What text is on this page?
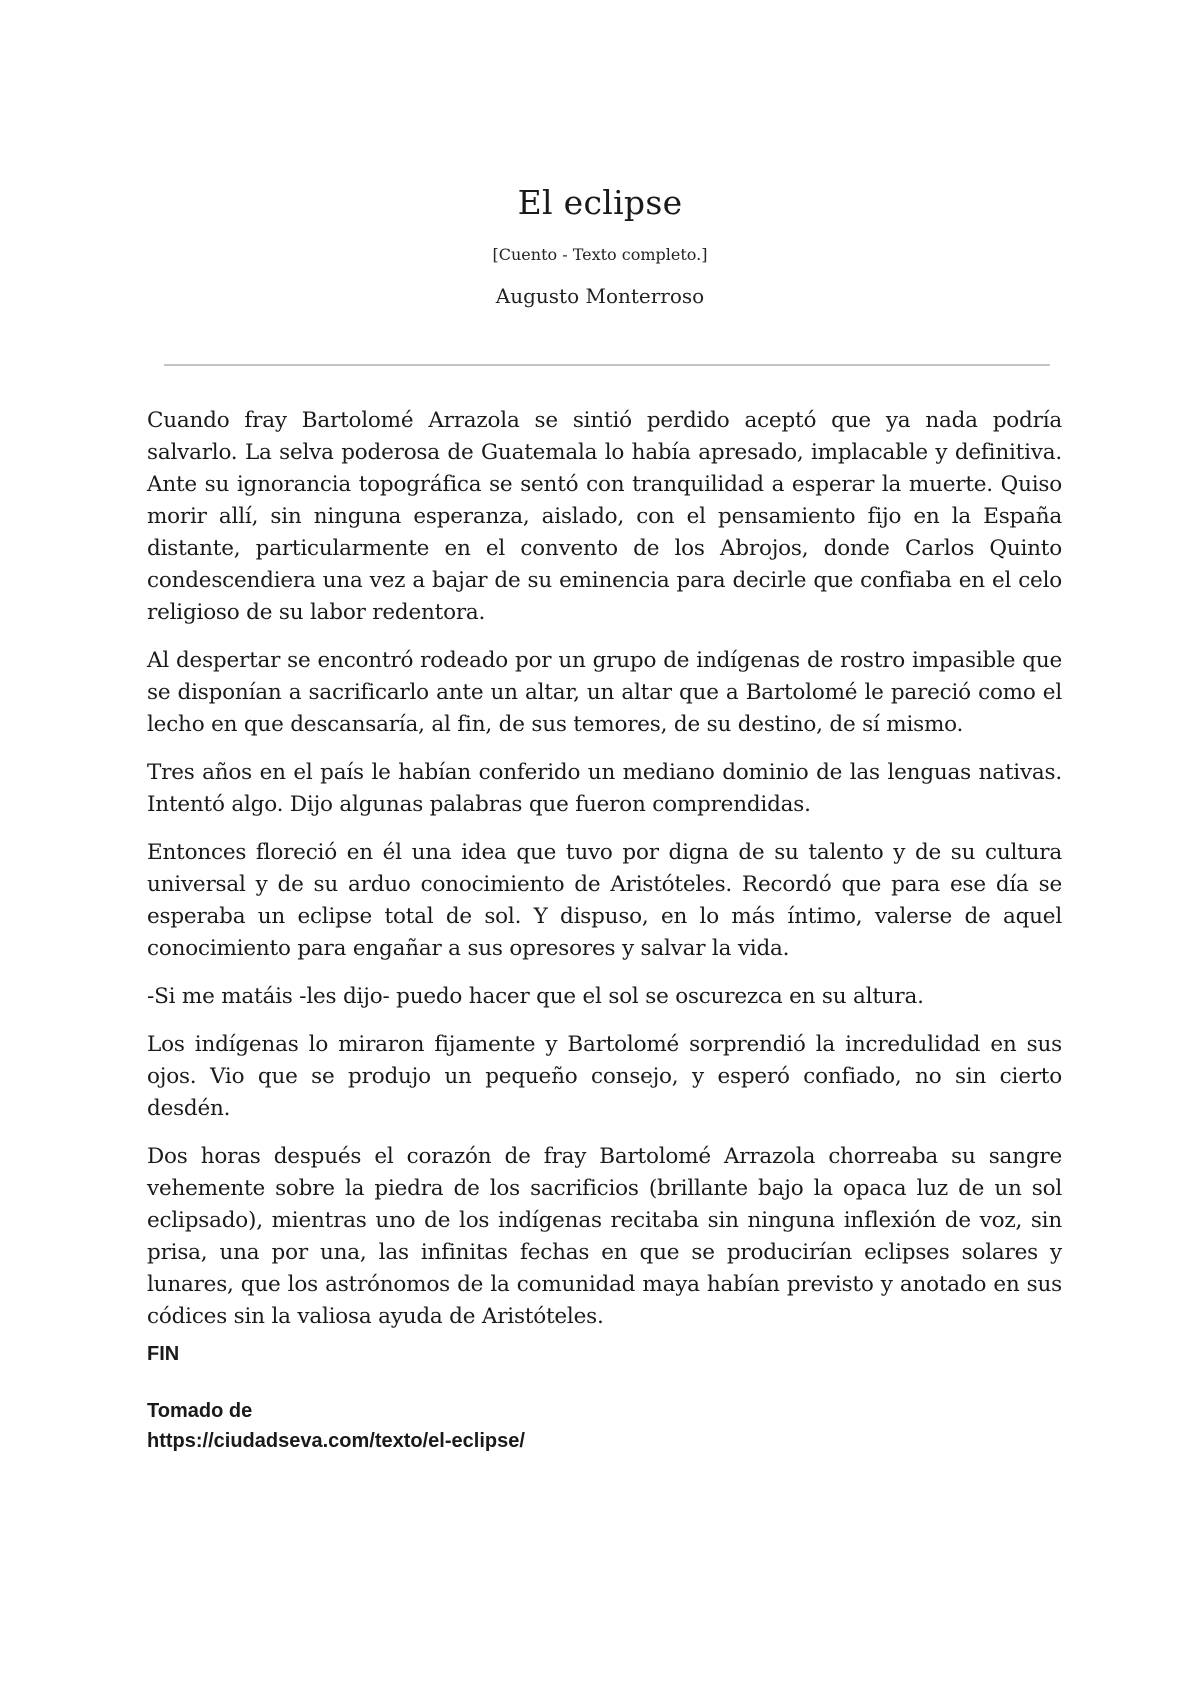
El eclipse
[Cuento - Texto completo.]
Augusto Monterroso

Cuando fray Bartolomé Arrazola se sintió perdido aceptó que ya nada podría salvarlo. La selva poderosa de Guatemala lo había apresado, implacable y definitiva. Ante su ignorancia topográfica se sentó con tranquilidad a esperar la muerte. Quiso morir allí, sin ninguna esperanza, aislado, con el pensamiento fijo en la España distante, particularmente en el convento de los Abrojos, donde Carlos Quinto condescendiera una vez a bajar de su eminencia para decirle que confiaba en el celo religioso de su labor redentora.

Al despertar se encontró rodeado por un grupo de indígenas de rostro impasible que se disponían a sacrificarlo ante un altar, un altar que a Bartolomé le pareció como el lecho en que descansaría, al fin, de sus temores, de su destino, de sí mismo.

Tres años en el país le habían conferido un mediano dominio de las lenguas nativas. Intentó algo. Dijo algunas palabras que fueron comprendidas.

Entonces floreció en él una idea que tuvo por digna de su talento y de su cultura universal y de su arduo conocimiento de Aristóteles. Recordó que para ese día se esperaba un eclipse total de sol. Y dispuso, en lo más íntimo, valerse de aquel conocimiento para engañar a sus opresores y salvar la vida.

-Si me matáis -les dijo- puedo hacer que el sol se oscurezca en su altura.

Los indígenas lo miraron fijamente y Bartolomé sorprendió la incredulidad en sus ojos. Vio que se produjo un pequeño consejo, y esperó confiado, no sin cierto desdén.

Dos horas después el corazón de fray Bartolomé Arrazola chorreaba su sangre vehemente sobre la piedra de los sacrificios (brillante bajo la opaca luz de un sol eclipsado), mientras uno de los indígenas recitaba sin ninguna inflexión de voz, sin prisa, una por una, las infinitas fechas en que se producirían eclipses solares y lunares, que los astrónomos de la comunidad maya habían previsto y anotado en sus códices sin la valiosa ayuda de Aristóteles.

FIN
Tomado de
https://ciudadseva.com/texto/el-eclipse/
